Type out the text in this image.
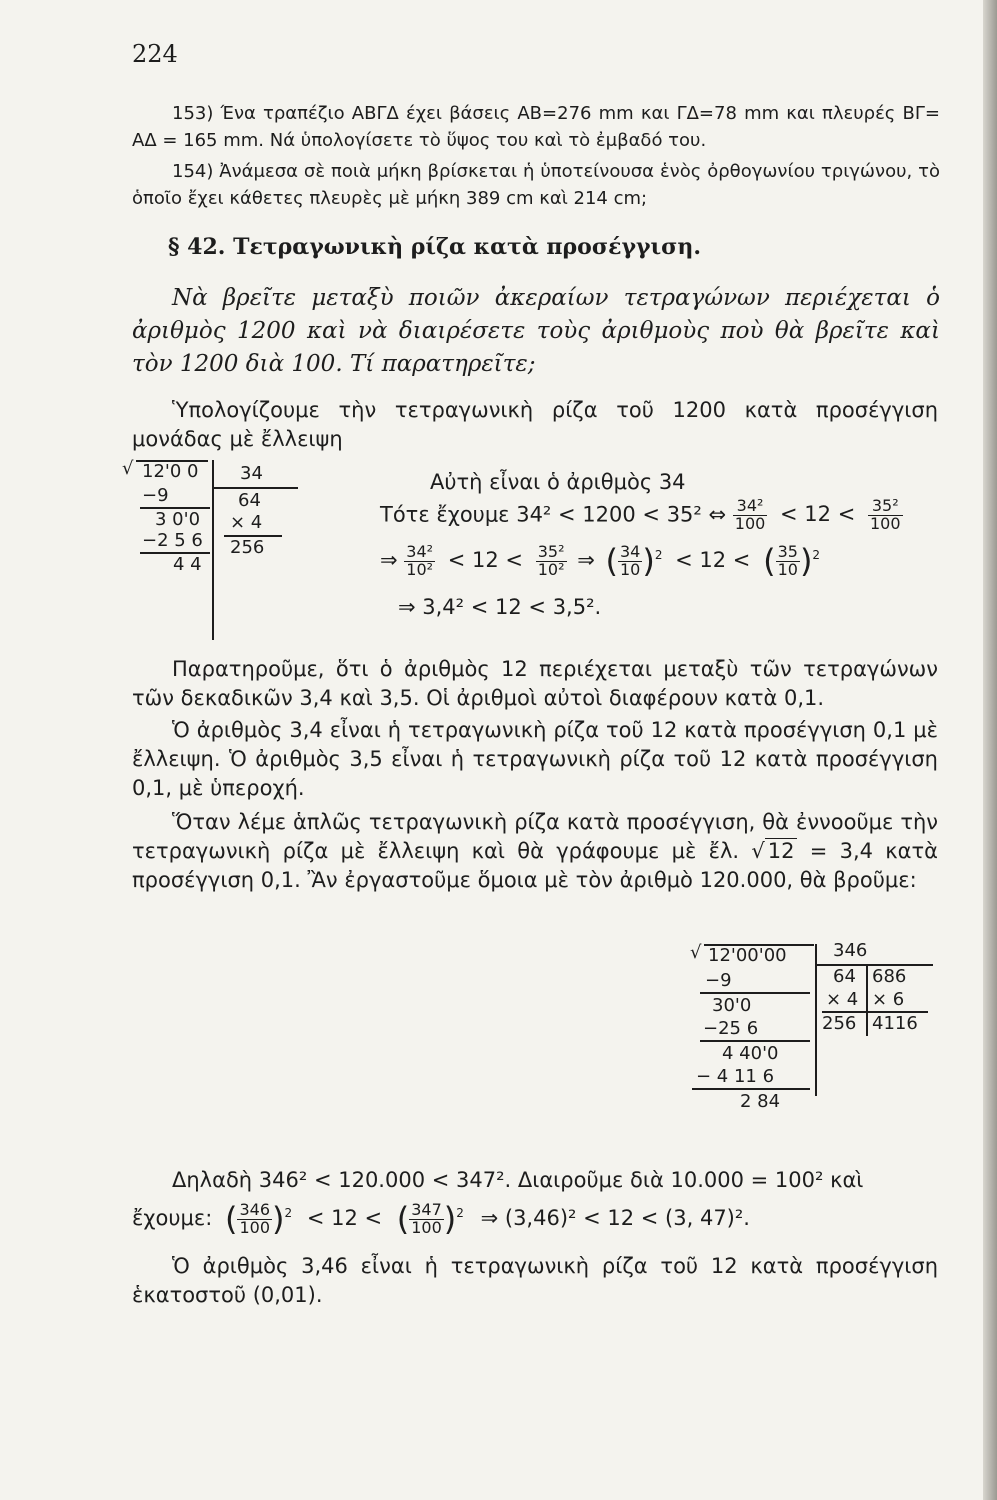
224
153) Ένα τραπέζιο ΑΒΓΔ έχει βάσεις ΑΒ=276 mm και ΓΔ=78 mm και πλευρές ΒΓ= ΑΔ = 165 mm. Νά ὑπολογίσετε τὸ ὕψος του καὶ τὸ ἐμβαδό του.
154) Ἀνάμεσα σὲ ποιὰ μήκη βρίσκεται ἡ ὑποτείνουσα ἑνὸς ὀρθογωνίου τριγώνου, τὸ ὁποῖο ἔχει κάθετες πλευρὲς μὲ μήκη 389 cm καὶ 214 cm;
§ 42. Τετραγωνικὴ ρίζα κατὰ προσέγγιση.
Νὰ βρεῖτε μεταξὺ ποιῶν ἀκεραίων τετραγώνων περιέχεται ὁ ἀριθμὸς 1200 καὶ νὰ διαιρέσετε τοὺς ἀριθμοὺς ποὺ θὰ βρεῖτε καὶ τὸν 1200 διὰ 100. Τί παρατηρεῖτε;
Ὑπολογίζουμε τὴν τετραγωνικὴ ρίζα τοῦ 1200 κατὰ προσέγγιση μονάδας μὲ ἔλλειψη
√ 12'0 0
−9
3 0'0
−2 5 6
4 4
34
64
× 4
256
Αὐτὴ εἶναι ὁ ἀριθμὸς 34
Τότε ἔχουμε 34² < 1200 < 35² ⇔ $\frac{\text{34²}}{100} < 12 < \frac{\text{35²}}{100}$
⇒ $\frac{\text{34²}}{\text{10²}} < 12 < \frac{\text{35²}}{\text{10²}}$ ⇒ ( $\frac{34}{10} )^2 < 12$ < ( $\frac{35}{10} )^2$
⇒ 3,4² < 12 < 3,5².
Παρατηροῦμε, ὅτι ὁ ἀριθμὸς 12 περιέχεται μεταξὺ τῶν τετραγώνων τῶν δεκαδικῶν 3,4 καὶ 3,5. Οἱ ἀριθμοὶ αὐτοὶ διαφέρουν κατὰ 0,1.
Ὁ ἀριθμὸς 3,4 εἶναι ἡ τετραγωνικὴ ρίζα τοῦ 12 κατὰ προσέγγιση 0,1 μὲ ἔλλειψη. Ὁ ἀριθμὸς 3,5 εἶναι ἡ τετραγωνικὴ ρίζα τοῦ 12 κατὰ προσέγγιση 0,1, μὲ ὑπεροχή.
Ὅταν λέμε ἁπλῶς τετραγωνικὴ ρίζα κατὰ προσέγγιση, θὰ ἐννοοῦμε τὴν τετραγωνικὴ ρίζα μὲ ἔλλειψη καὶ θὰ γράφουμε μὲ ἔλ. √ 12 = 3,4 κατὰ προσέγγιση 0,1. Ἂν ἐργαστοῦμε ὅμοια μὲ τὸν ἀριθμὸ 120.000, θὰ βροῦμε:
√ 12'00'00
−9
30'0
−25 6
4 40'0
− 4 11 6
2 84
346
64
× 4
256
686
× 6
4116
Δηλαδὴ 346² < 120.000 < 347². Διαιροῦμε διὰ 10.000 = 100² καὶ
ἔχουμε: ( $\frac{346}{100} )^2 < 12$ < ( $\frac{347}{100} )^2$ ⇒ (3,46)² < 12 < (3, 47)².
Ὁ ἀριθμὸς 3,46 εἶναι ἡ τετραγωνικὴ ρίζα τοῦ 12 κατὰ προσέγγιση ἑκατοστοῦ (0,01).
